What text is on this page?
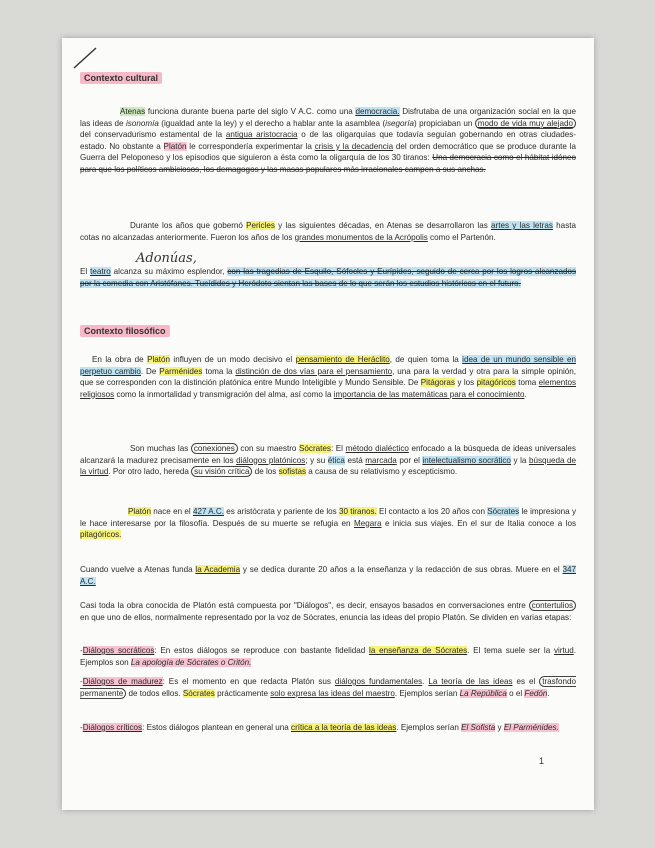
Contexto cultural

Atenas funciona durante buena parte del siglo V A.C. como una democracia. Disfrutaba de una organización social en la que las ideas de isonomía (igualdad ante la ley) y el derecho a hablar ante la asamblea (isegoría) propiciaban un modo de vida muy alejado del conservadurismo estamental de la antigua aristocracia o de las oligarquías que todavía seguían gobernando en otras ciudades-estado. No obstante a Platón le correspondería experimentar la crisis y la decadencia del orden democrático que se produce durante la Guerra del Peloponeso y los episodios que siguieron a ésta como la oligarquía de los 30 tiranos: Una democracia como el hábitat idóneo para que los políticos ambiciosos, los demagogos y las masas populares más irracionales campen a sus anchas.

Durante los años que gobernó Pericles y las siguientes décadas, en Atenas se desarrollaron las artes y las letras hasta cotas no alcanzadas anteriormente. Fueron los años de los grandes monumentos de la Acrópolis como el Partenón.

Adonúas,

El teatro alcanza su máximo esplendor, con las tragedias de Esquilo, Sófocles y Eurípides, seguido de cerca por los logros alcanzados por la comedia con Aristófanes. Tucídides y Heródoto sientan las bases de lo que serán los estudios históricos en el futuro.

Contexto filosófico

En la obra de Platón influyen de un modo decisivo el pensamiento de Heráclito, de quien toma la idea de un mundo sensible en perpetuo cambio. De Parménides toma la distinción de dos vías para el pensamiento, una para la verdad y otra para la simple opinión, que se corresponden con la distinción platónica entre Mundo Inteligible y Mundo Sensible. De Pitágoras y los pitagóricos toma elementos religiosos como la inmortalidad y transmigración del alma, así como la importancia de las matemáticas para el conocimiento.

Son muchas las conexiones con su maestro Sócrates: El método dialéctico enfocado a la búsqueda de ideas universales alcanzará la madurez precisamente en los diálogos platónicos; y su ética está marcada por el intelectualismo socrático y la búsqueda de la virtud. Por otro lado, hereda su visión crítica de los sofistas a causa de su relativismo y escepticismo.

Platón nace en el 427 A.C. es aristócrata y pariente de los 30 tiranos. El contacto a los 20 años con Sócrates le impresiona y le hace interesarse por la filosofía. Después de su muerte se refugia en Megara e inicia sus viajes. En el sur de Italia conoce a los pitagóricos.

Cuando vuelve a Atenas funda la Academia y se dedica durante 20 años a la enseñanza y la redacción de sus obras. Muere en el 347 A.C.

Casi toda la obra conocida de Platón está compuesta por "Diálogos", es decir, ensayos basados en conversaciones entre contertulios en que uno de ellos, normalmente representado por la voz de Sócrates, enuncia las ideas del propio Platón. Se dividen en varias etapas:

-Diálogos socráticos: En estos diálogos se reproduce con bastante fidelidad la enseñanza de Sócrates. El tema suele ser la virtud. Ejemplos son La apología de Sócrates o Critón.

-Diálogos de madurez: Es el momento en que redacta Platón sus diálogos fundamentales. La teoría de las ideas es el trasfondo permanente de todos ellos. Sócrates prácticamente solo expresa las ideas del maestro. Ejemplos serían La República o el Fedón.

-Diálogos críticos: Estos diálogos plantean en general una crítica a la teoría de las ideas. Ejemplos serían El Sofista y El Parménides.

1
